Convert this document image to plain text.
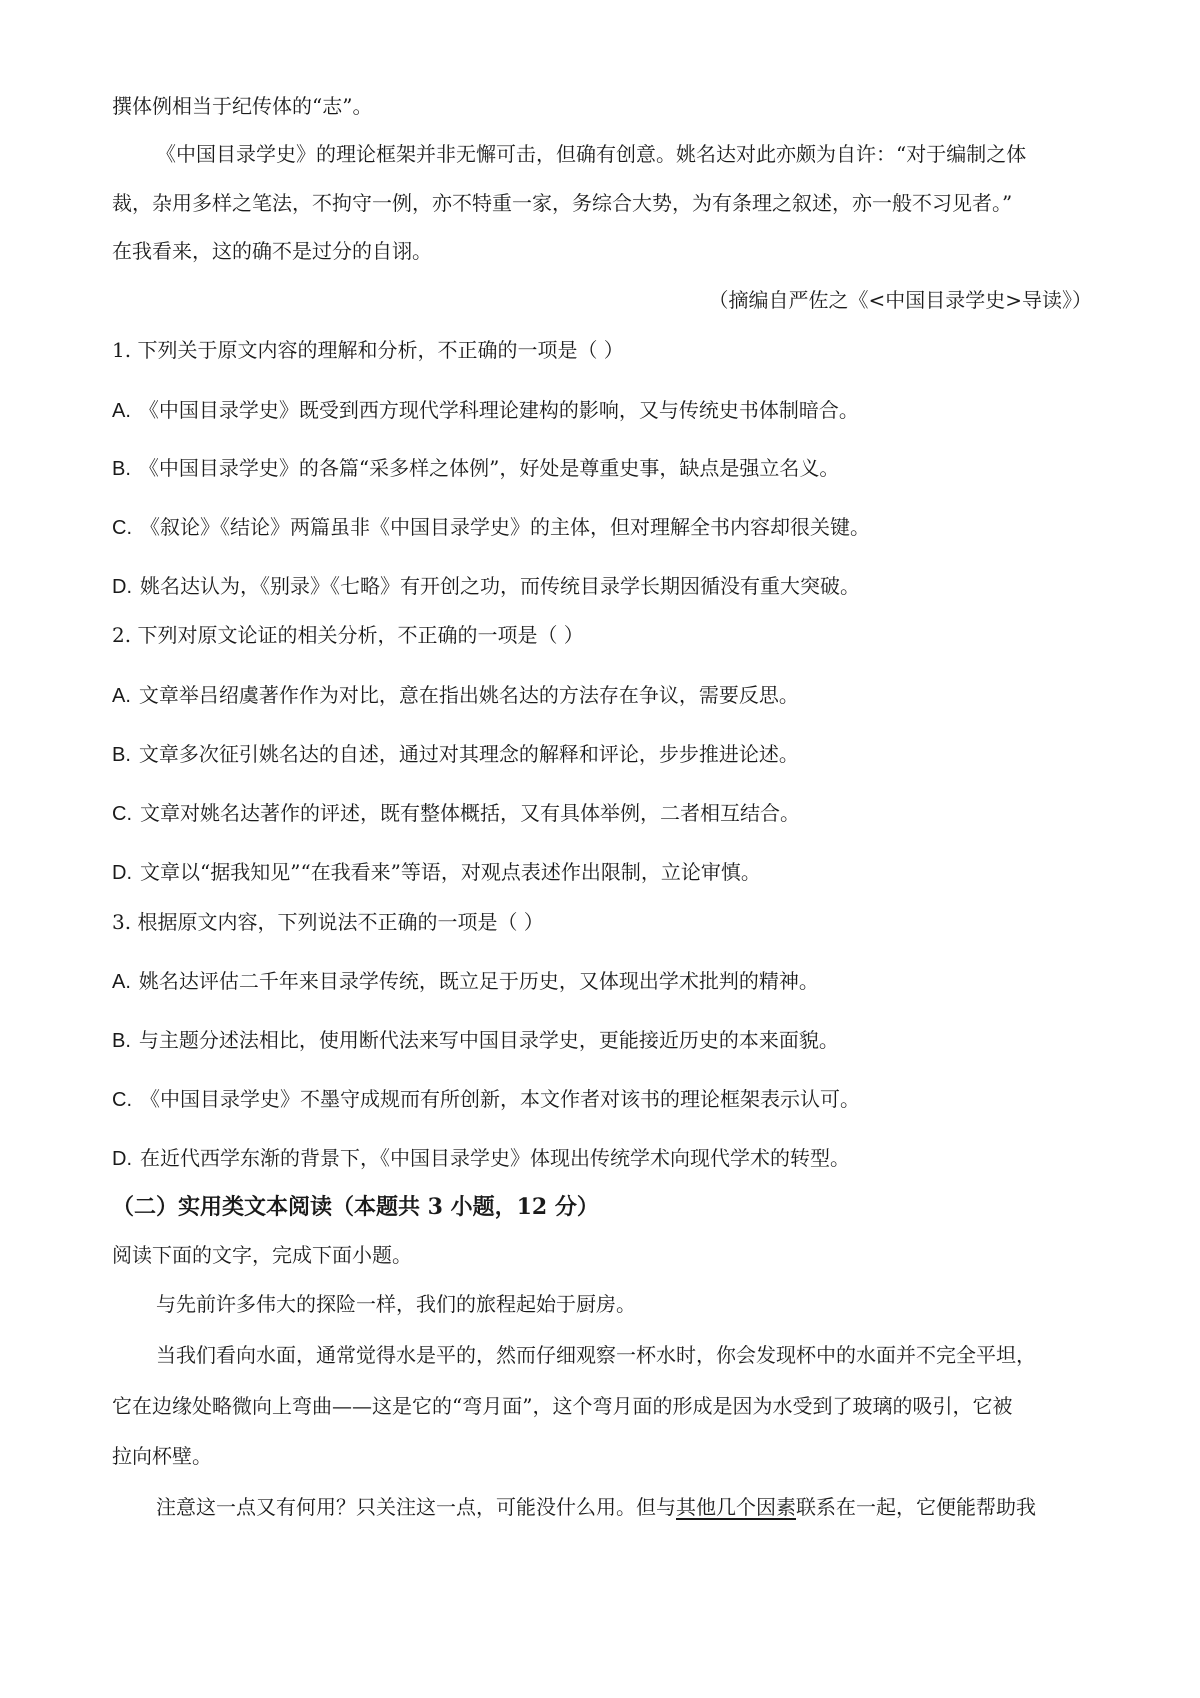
撰体例相当于纪传体的“志”。
《中国目录学史》的理论框架并非无懈可击，但确有创意。姚名达对此亦颇为自许：“对于编制之体
裁，杂用多样之笔法，不拘守一例，亦不特重一家，务综合大势，为有条理之叙述，亦一般不习见者。”
在我看来，这的确不是过分的自诩。
（摘编自严佐之《<中国目录学史>导读》）
1. 下列关于原文内容的理解和分析，不正确的一项是（ ）
A. 《中国目录学史》既受到西方现代学科理论建构的影响，又与传统史书体制暗合。
B. 《中国目录学史》的各篇“采多样之体例”，好处是尊重史事，缺点是强立名义。
C. 《叙论》《结论》两篇虽非《中国目录学史》的主体，但对理解全书内容却很关键。
D. 姚名达认为，《别录》《七略》有开创之功，而传统目录学长期因循没有重大突破。
2. 下列对原文论证的相关分析，不正确的一项是（ ）
A. 文章举吕绍虞著作作为对比，意在指出姚名达的方法存在争议，需要反思。
B. 文章多次征引姚名达的自述，通过对其理念的解释和评论，步步推进论述。
C. 文章对姚名达著作的评述，既有整体概括，又有具体举例，二者相互结合。
D. 文章以“据我知见”“在我看来”等语，对观点表述作出限制，立论审慎。
3. 根据原文内容，下列说法不正确的一项是（ ）
A. 姚名达评估二千年来目录学传统，既立足于历史，又体现出学术批判的精神。
B. 与主题分述法相比，使用断代法来写中国目录学史，更能接近历史的本来面貌。
C. 《中国目录学史》不墨守成规而有所创新，本文作者对该书的理论框架表示认可。
D. 在近代西学东渐的背景下，《中国目录学史》体现出传统学术向现代学术的转型。
（二）实用类文本阅读（本题共 3 小题，12 分）
阅读下面的文字，完成下面小题。
与先前许多伟大的探险一样，我们的旅程起始于厨房。
当我们看向水面，通常觉得水是平的，然而仔细观察一杯水时，你会发现杯中的水面并不完全平坦，
它在边缘处略微向上弯曲——这是它的“弯月面”，这个弯月面的形成是因为水受到了玻璃的吸引，它被
拉向杯壁。
注意这一点又有何用？只关注这一点，可能没什么用。但与其他几个因素联系在一起，它便能帮助我
